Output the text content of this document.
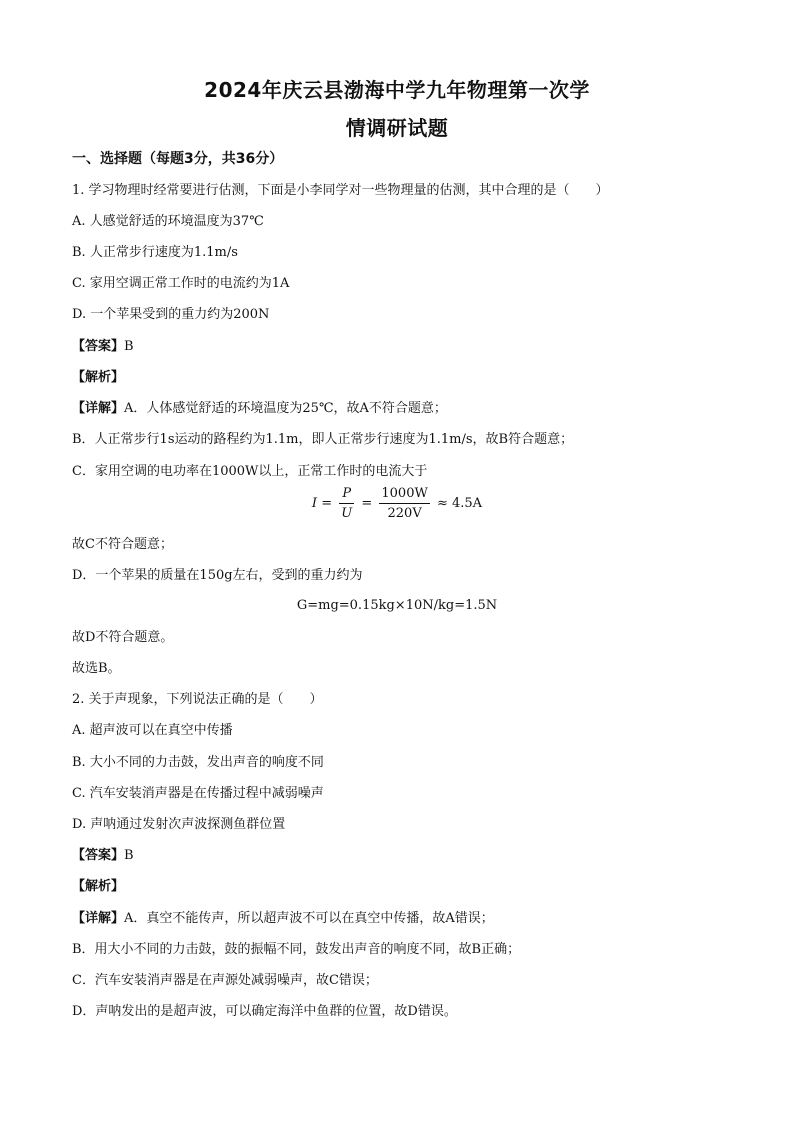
2024年庆云县渤海中学九年物理第一次学
情调研试题
一、选择题（每题3分，共36分）
1. 学习物理时经常要进行估测，下面是小李同学对一些物理量的估测，其中合理的是（　　）
A. 人感觉舒适的环境温度为37℃
B. 人正常步行速度为1.1m/s
C. 家用空调正常工作时的电流约为1A
D. 一个苹果受到的重力约为200N
【答案】B
【解析】
【详解】A．人体感觉舒适的环境温度为25℃，故A不符合题意；
B．人正常步行1s运动的路程约为1.1m，即人正常步行速度为1.1m/s，故B符合题意；
C．家用空调的电功率在1000W以上，正常工作时的电流大于
$I = \frac{P}{U} = \frac{1000W}{220V} \approx 4.5A$
故C不符合题意；
D．一个苹果的质量在150g左右，受到的重力约为
G=mg=0.15kg×10N/kg=1.5N
故D不符合题意。
故选B。
2. 关于声现象，下列说法正确的是（　　）
A. 超声波可以在真空中传播
B. 大小不同的力击鼓，发出声音的响度不同
C. 汽车安装消声器是在传播过程中减弱噪声
D. 声呐通过发射次声波探测鱼群位置
【答案】B
【解析】
【详解】A．真空不能传声，所以超声波不可以在真空中传播，故A错误；
B．用大小不同的力击鼓，鼓的振幅不同，鼓发出声音的响度不同，故B正确；
C．汽车安装消声器是在声源处减弱噪声，故C错误；
D．声呐发出的是超声波，可以确定海洋中鱼群的位置，故D错误。
